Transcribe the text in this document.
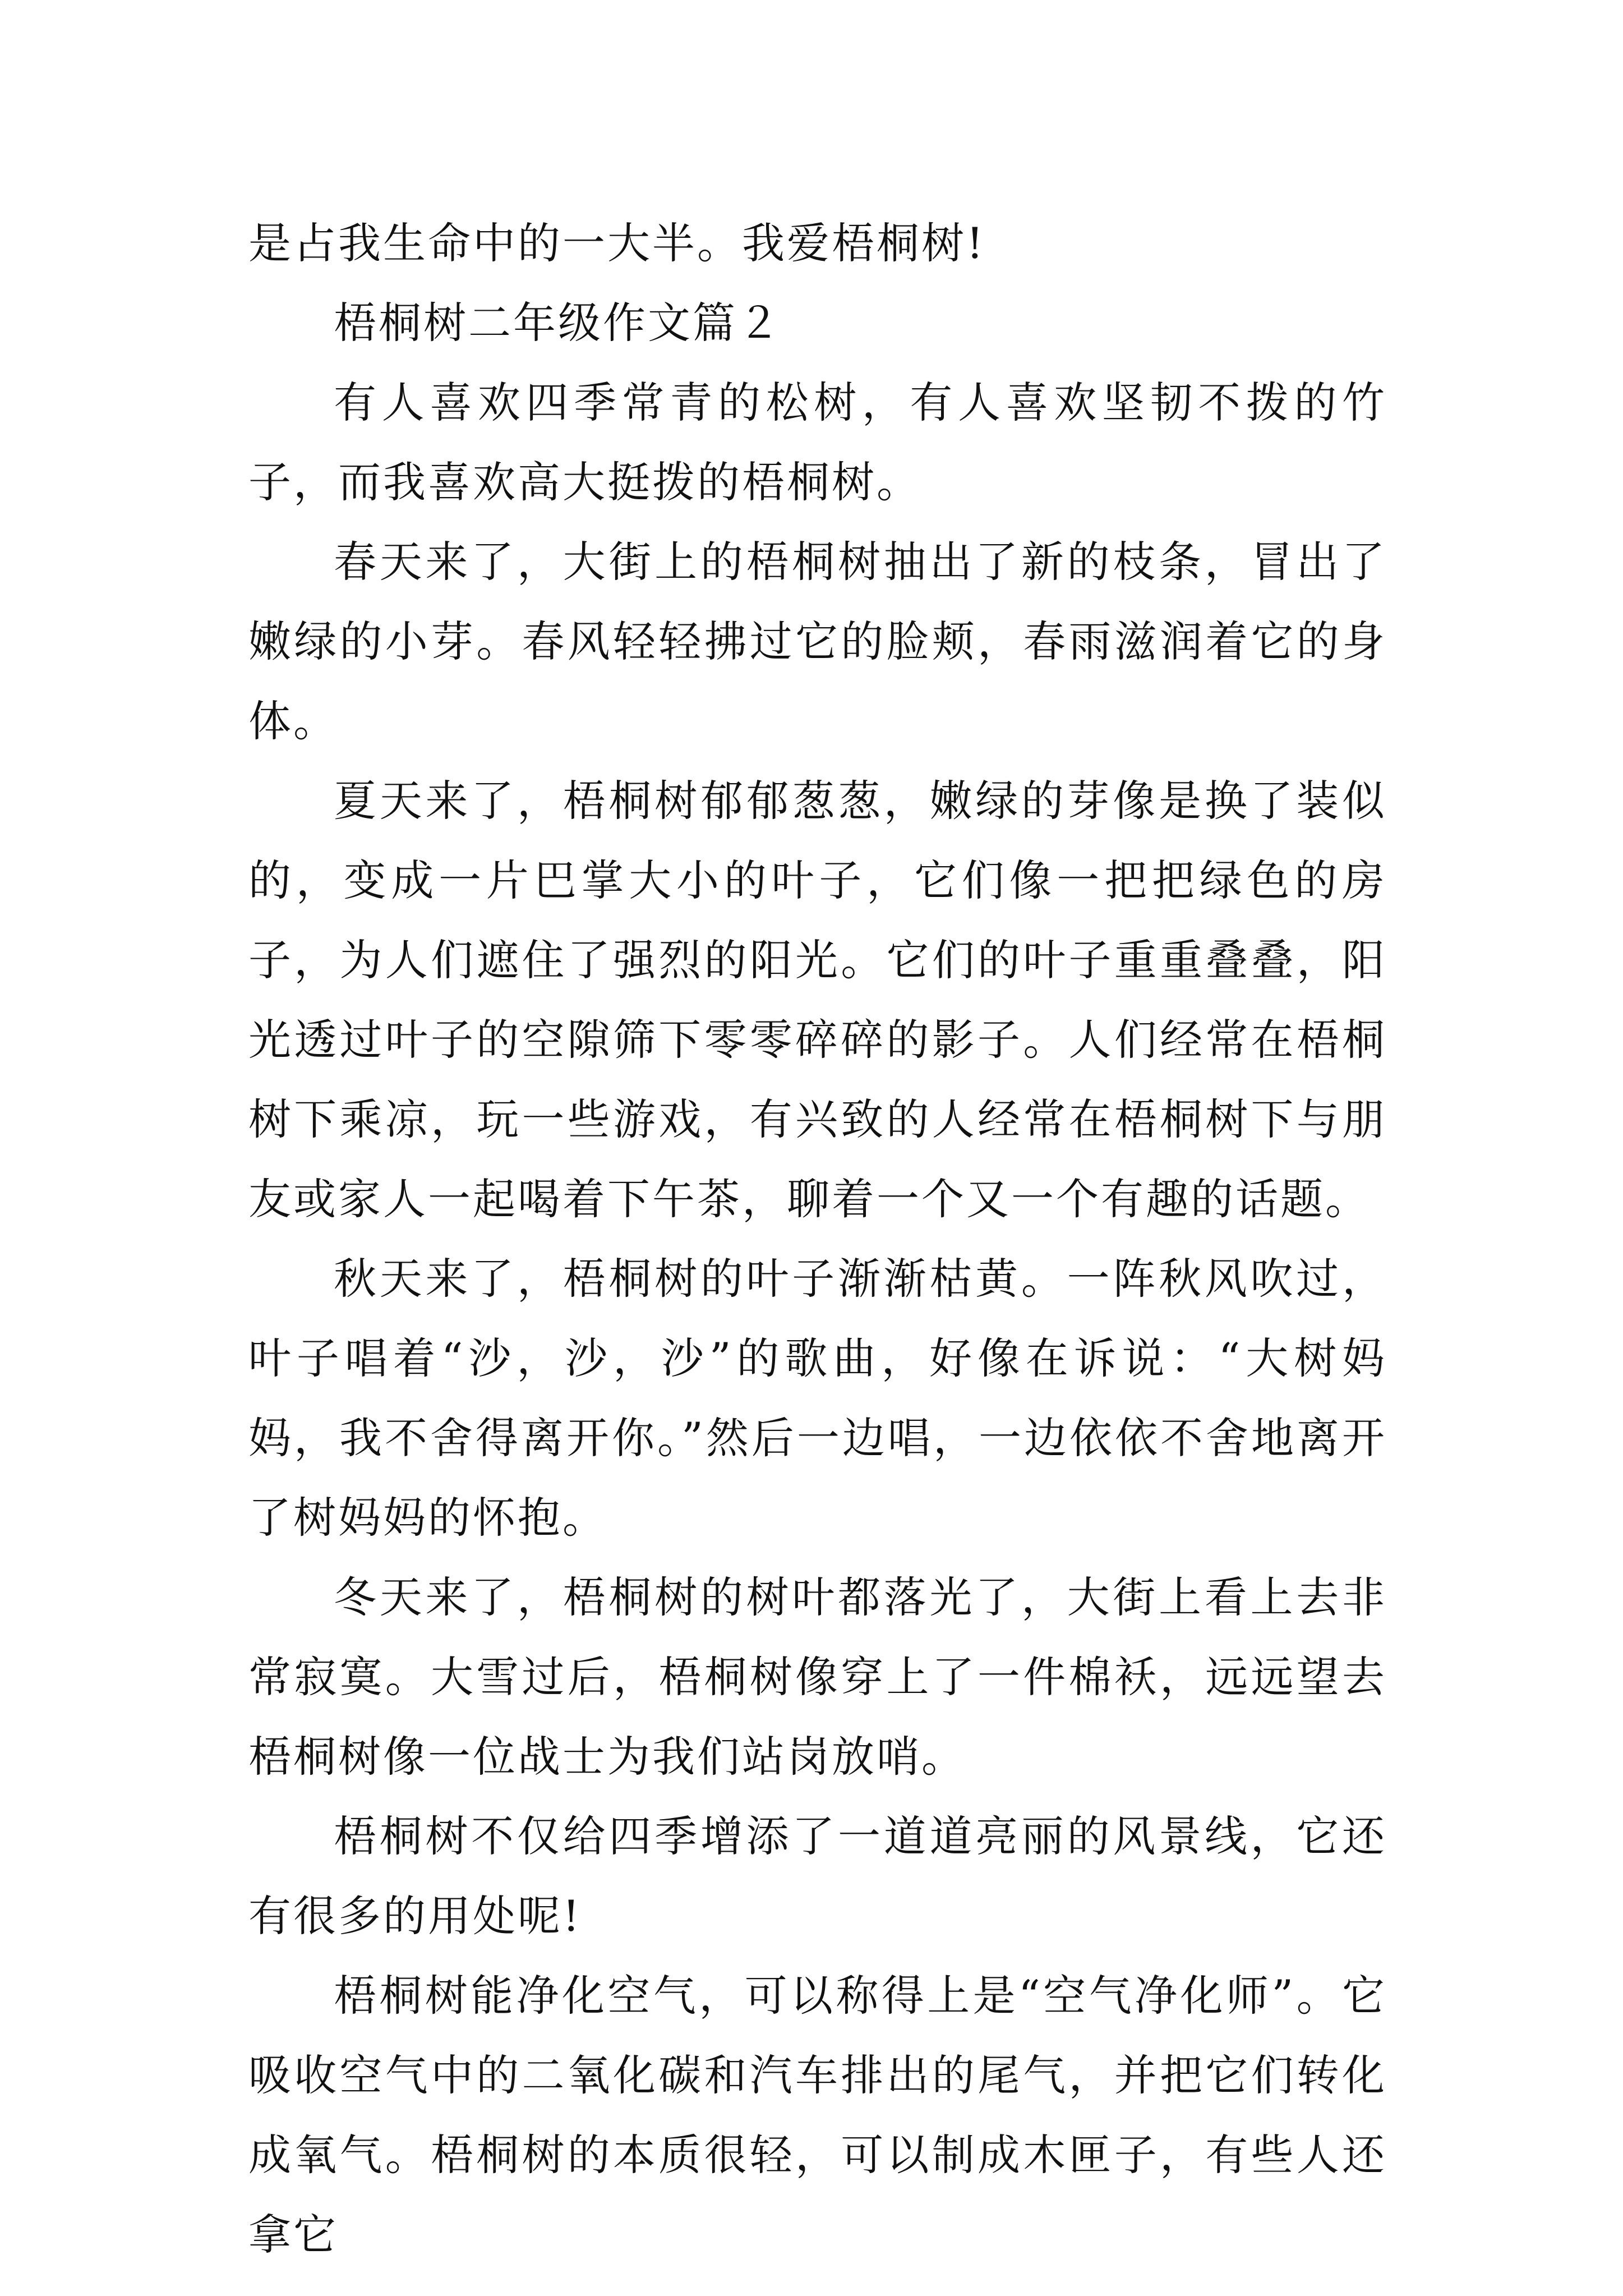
是占我生命中的一大半。我爱梧桐树!

梧桐树二年级作文篇２

有人喜欢四季常青的松树，有人喜欢坚韧不拨的竹子，而我喜欢高大挺拨的梧桐树。

春天来了，大街上的梧桐树抽出了新的枝条，冒出了嫩绿的小芽。春风轻轻拂过它的脸颊，春雨滋润着它的身体。

夏天来了，梧桐树郁郁葱葱，嫩绿的芽像是换了装似的，变成一片巴掌大小的叶子，它们像一把把绿色的房子，为人们遮住了强烈的阳光。它们的叶子重重叠叠，阳光透过叶子的空隙筛下零零碎碎的影子。人们经常在梧桐树下乘凉，玩一些游戏，有兴致的人经常在梧桐树下与朋友或家人一起喝着下午茶，聊着一个又一个有趣的话题。

秋天来了，梧桐树的叶子渐渐枯黄。一阵秋风吹过，叶子唱着“沙，沙，沙”的歌曲，好像在诉说：“大树妈妈，我不舍得离开你。”然后一边唱，一边依依不舍地离开了树妈妈的怀抱。

冬天来了，梧桐树的树叶都落光了，大街上看上去非常寂寞。大雪过后，梧桐树像穿上了一件棉袄，远远望去梧桐树像一位战士为我们站岗放哨。

梧桐树不仅给四季增添了一道道亮丽的风景线，它还有很多的用处呢!

梧桐树能净化空气，可以称得上是“空气净化师”。它吸收空气中的二氧化碳和汽车排出的尾气，并把它们转化成氧气。梧桐树的本质很轻，可以制成木匣子，有些人还拿它
